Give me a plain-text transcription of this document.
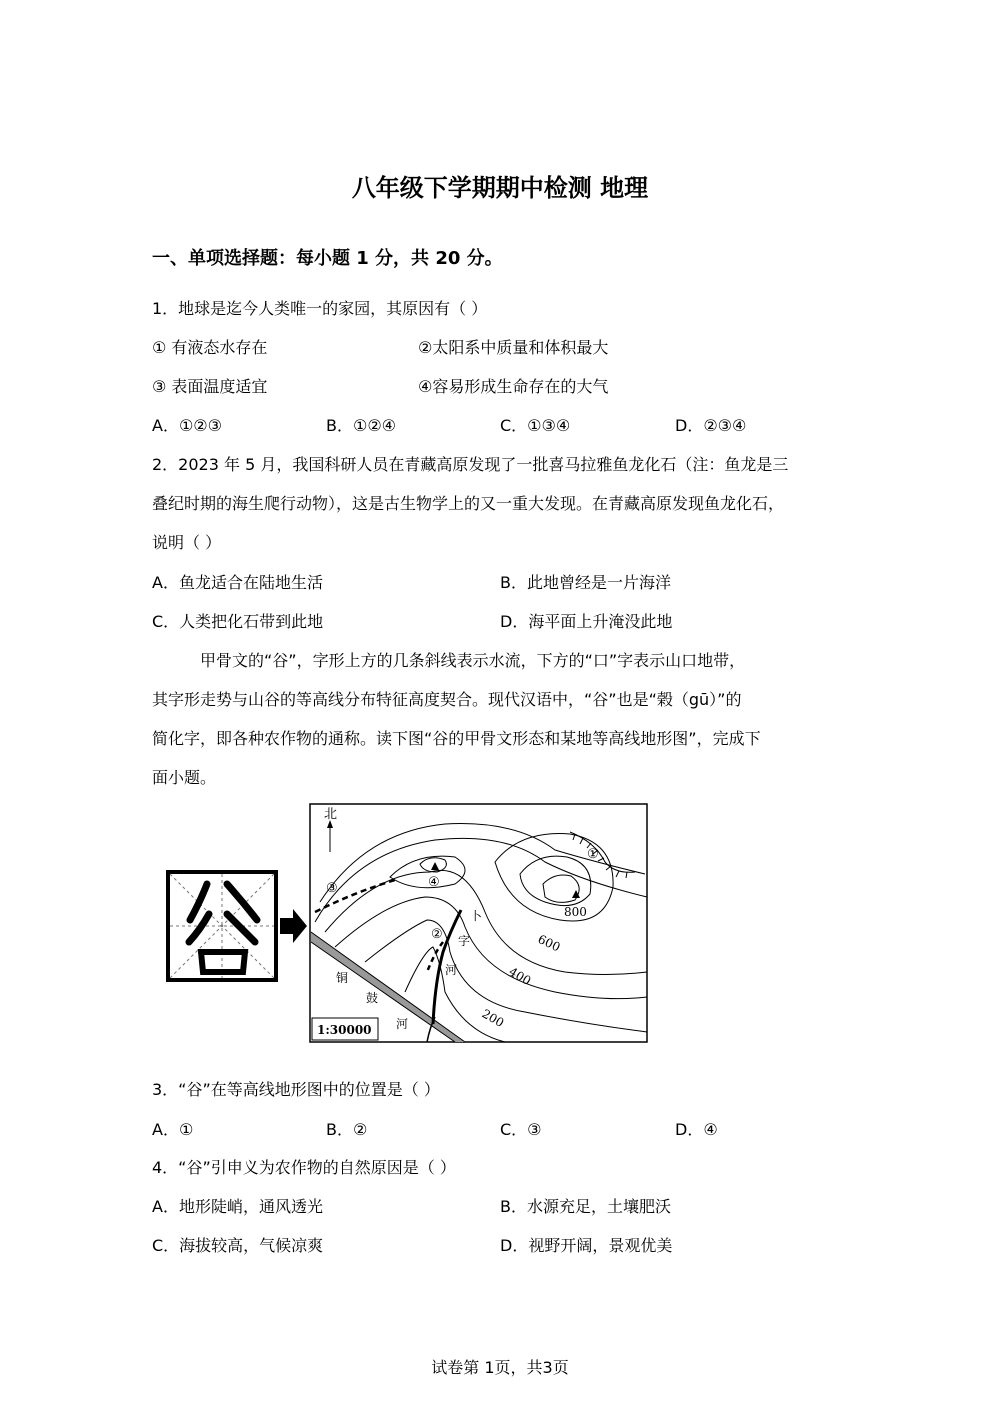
八年级下学期期中检测 地理
一、单项选择题：每小题 1 分，共 20 分。
1．地球是迄今人类唯一的家园，其原因有（ ）
① 有液态水存在	②太阳系中质量和体积最大
③ 表面温度适宜	④容易形成生命存在的大气
A．①②③	B．①②④	C．①③④	D．②③④
2．2023 年 5 月，我国科研人员在青藏高原发现了一批喜马拉雅鱼龙化石（注：鱼龙是三
叠纪时期的海生爬行动物），这是古生物学上的又一重大发现。在青藏高原发现鱼龙化石，
说明（ ）
A．鱼龙适合在陆地生活	B．此地曾经是一片海洋
C．人类把化石带到此地	D．海平面上升淹没此地
甲骨文的“谷”，字形上方的几条斜线表示水流，下方的“口”字表示山口地带，
其字形走势与山谷的等高线分布特征高度契合。现代汉语中，“谷”也是“榖（gū）”的
简化字，即各种农作物的通称。读下图“谷的甲骨文形态和某地等高线地形图”，完成下
面小题。
北
①
②
③	④
800
600
400
200
卜
字
河
铜
鼓
河
1:30000
3．“谷”在等高线地形图中的位置是（ ）
A．①	B．②	C．③	D．④
4．“谷”引申义为农作物的自然原因是（ ）
A．地形陡峭，通风透光	B．水源充足，土壤肥沃
C．海拔较高，气候凉爽	D．视野开阔，景观优美
试卷第 1页，共3页
